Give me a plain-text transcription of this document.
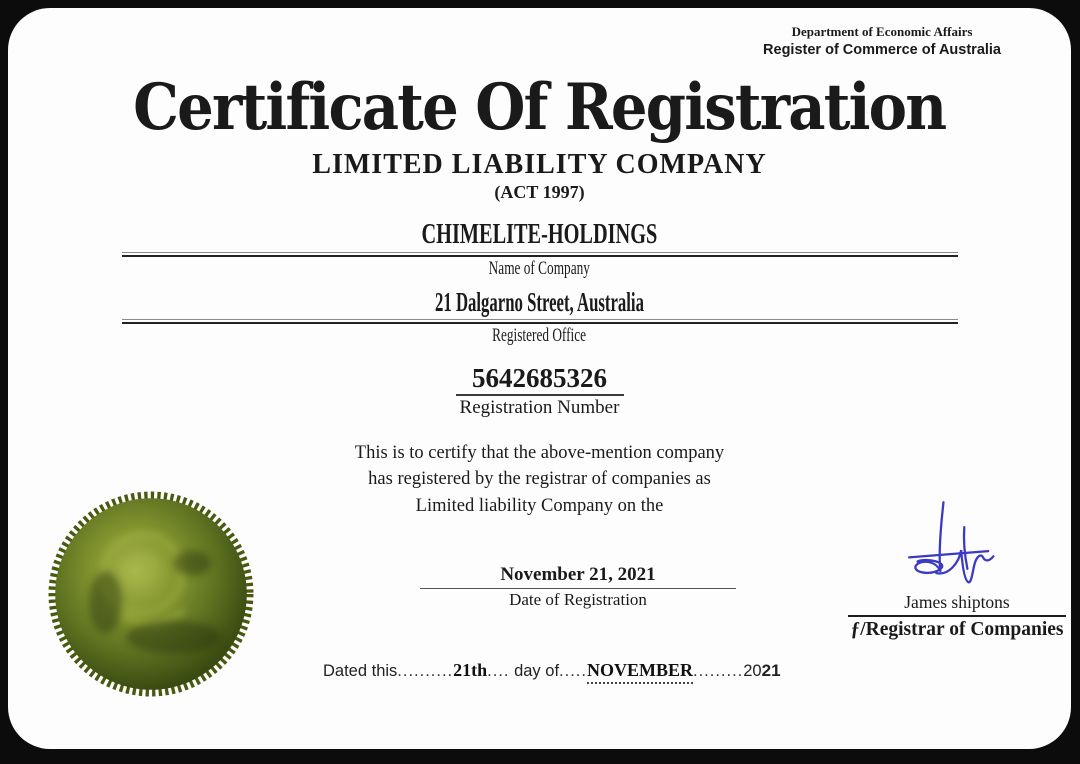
Department of Economic Affairs
Register of Commerce of Australia
Certificate Of Registration
LIMITED LIABILITY COMPANY
(ACT 1997)
CHIMELITE-HOLDINGS
Name of Company
21 Dalgarno Street, Australia
Registered Office
5642685326
Registration Number
This is to certify that the above-mention company
has registered by the registrar of companies as
Limited liability Company on the
November 21, 2021
Date of Registration	James shiptons
ƒ/Registrar of Companies
Dated this .......... 21th .... day of ..... NOVEMBER ......... 20 21
